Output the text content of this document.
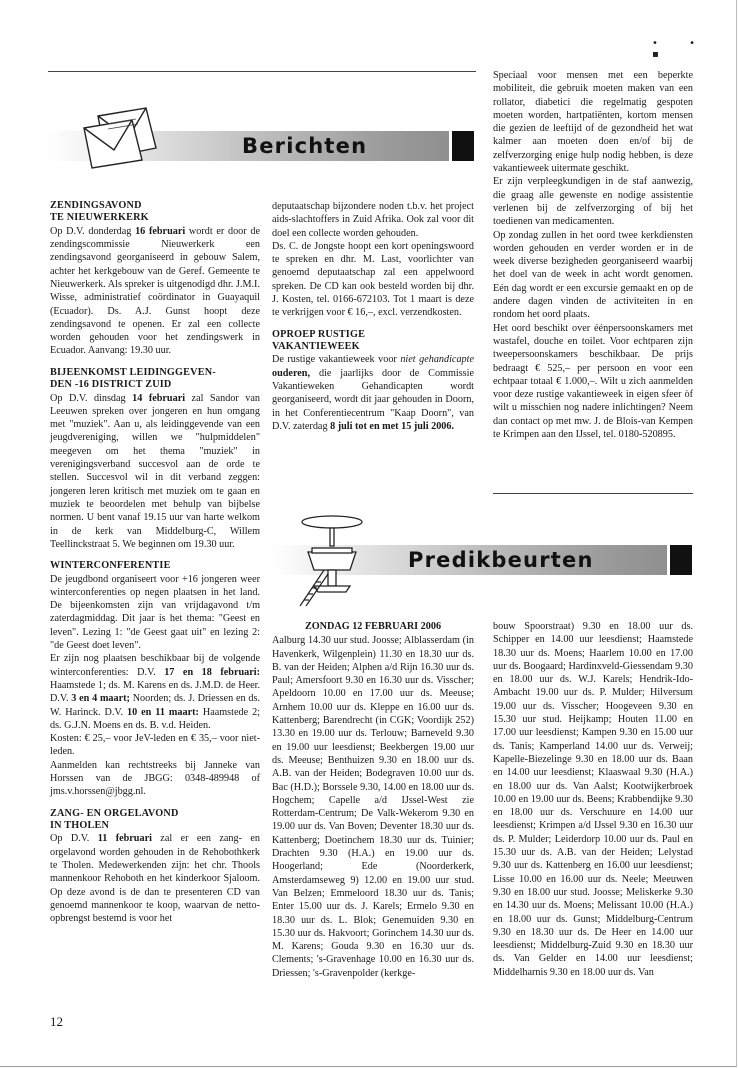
• • ▪
Berichten
ZENDINGSAVOND
TE NIEUWERKERK

Op D.V. donderdag 16 februari wordt er door de zendingscommissie Nieuwerkerk een zendingsavond georganiseerd in gebouw Salem, achter het kerkgebouw van de Geref. Gemeente te Nieuwerkerk. Als spreker is uitgenodigd dhr. J.M.I. Wisse, administratief coördinator in Guayaquil (Ecuador). Ds. A.J. Gunst hoopt deze zendingsavond te openen. Er zal een collecte worden gehouden voor het zendingswerk in Ecuador. Aanvang: 19.30 uur.

BIJEENKOMST LEIDINGGEVEN-
DEN -16 DISTRICT ZUID

Op D.V. dinsdag 14 februari zal Sandor van Leeuwen spreken over jongeren en hun omgang met "muziek". Aan u, als leidinggevende van een jeugdvereniging, willen we "hulpmiddelen" meegeven om het thema "muziek" in verenigingsverband succesvol aan de orde te stellen. Succesvol wil in dit verband zeggen: jongeren leren kritisch met muziek om te gaan en muziek te beoordelen met behulp van bijbelse normen. U bent vanaf 19.15 uur van harte welkom in de kerk van Middelburg-C, Willem Teellinckstraat 5. We beginnen om 19.30 uur.

WINTERCONFERENTIE

De jeugdbond organiseert voor +16 jongeren weer winterconferenties op negen plaatsen in het land. De bijeenkomsten zijn van vrijdagavond t/m zaterdagmiddag. Dit jaar is het thema: "Geest en leven". Lezing 1: "de Geest gaat uit" en lezing 2: "de Geest doet leven".

Er zijn nog plaatsen beschikbaar bij de volgende winterconferenties: D.V. 17 en 18 februari: Haamstede 1; ds. M. Karens en ds. J.M.D. de Heer. D.V. 3 en 4 maart; Noorden; ds. J. Driessen en ds. W. Harinck. D.V. 10 en 11 maart: Haamstede 2; ds. G.J.N. Moens en ds. B. v.d. Heiden.

Kosten: € 25,– voor JeV-leden en € 35,– voor niet-leden.

Aanmelden kan rechtstreeks bij Janneke van Horssen van de JBGG: 0348-489948 of jms.v.horssen@jbgg.nl.

ZANG- EN ORGELAVOND
IN THOLEN

Op D.V. 11 februari zal er een zang- en orgelavond worden gehouden in de Rehobothkerk te Tholen. Medewerkenden zijn: het chr. Thools mannenkoor Rehoboth en het kinderkoor Sjaloom. Op deze avond is de dan te presenteren CD van genoemd mannenkoor te koop, waarvan de netto-opbrengst bestemd is voor het

deputaatschap bijzondere noden t.b.v. het project aids-slachtoffers in Zuid Afrika. Ook zal voor dit doel een collecte worden gehouden.

Ds. C. de Jongste hoopt een kort openingswoord te spreken en dhr. M. Last, voorlichter van genoemd deputaatschap zal een appelwoord spreken. De CD kan ook besteld worden bij dhr. J. Kosten, tel. 0166-672103. Tot 1 maart is deze te verkrijgen voor € 16,–, excl. verzendkosten.

OPROEP RUSTIGE
VAKANTIEWEEK

De rustige vakantieweek voor niet gehandicapte ouderen, die jaarlijks door de Commissie Vakantieweken Gehandicapten wordt georganiseerd, wordt dit jaar gehouden in Doorn, in het Conferentiecentrum "Kaap Doorn", van D.V. zaterdag 8 juli tot en met 15 juli 2006.

Speciaal voor mensen met een beperkte mobiliteit, die gebruik moeten maken van een rollator, diabetici die regelmatig gespoten moeten worden, hartpatiënten, kortom mensen die gezien de leeftijd of de gezondheid het wat kalmer aan moeten doen en/of bij de zelfverzorging enige hulp nodig hebben, is deze vakantieweek uitermate geschikt.

Er zijn verpleegkundigen in de staf aanwezig, die graag alle gewenste en nodige assistentie verlenen bij de zelfverzorging of bij het toedienen van medicamenten.

Op zondag zullen in het oord twee kerkdiensten worden gehouden en verder worden er in de week diverse bezigheden georganiseerd waarbij het doel van de week in acht wordt genomen. Eén dag wordt er een excursie gemaakt en op de andere dagen vinden de activiteiten in en rondom het oord plaats.

Het oord beschikt over éénpersoonskamers met wastafel, douche en toilet. Voor echtparen zijn tweepersoonskamers beschikbaar. De prijs bedraagt € 525,– per persoon en voor een echtpaar totaal € 1.000,–. Wilt u zich aanmelden voor deze rustige vakantieweek in eigen sfeer òf wilt u misschien nog nadere inlichtingen? Neem dan contact op met mw. J. de Blois-van Kempen te Krimpen aan den IJssel, tel. 0180-520895.

Predikbeurten
ZONDAG 12 FEBRUARI 2006

Aalburg 14.30 uur stud. Joosse; Alblasserdam (in Havenkerk, Wilgenplein) 11.30 en 18.30 uur ds. B. van der Heiden; Alphen a/d Rijn 16.30 uur ds. Paul; Amersfoort 9.30 en 16.30 uur ds. Visscher; Apeldoorn 10.00 en 17.00 uur ds. Meeuse; Arnhem 10.00 uur ds. Kleppe en 16.00 uur ds. Kattenberg; Barendrecht (in CGK; Voordijk 252) 13.30 en 19.00 uur ds. Terlouw; Barneveld 9.30 en 19.00 uur leesdienst; Beekbergen 19.00 uur ds. Meeuse; Benthuizen 9.30 en 18.00 uur ds. A.B. van der Heiden; Bodegraven 10.00 uur ds. Bac (H.D.); Borssele 9.30, 14.00 en 18.00 uur ds. Hogchem; Capelle a/d IJssel-West zie Rotterdam-Centrum; De Valk-Wekerom 9.30 en 19.00 uur ds. Van Boven; Deventer 18.30 uur ds. Kattenberg; Doetinchem 18.30 uur ds. Tuinier; Drachten 9.30 (H.A.) en 19.00 uur ds. Hoogerland; Ede (Noorderkerk, Amsterdamseweg 9) 12.00 en 19.00 uur stud. Van Belzen; Emmeloord 18.30 uur ds. Tanis; Enter 15.00 uur ds. J. Karels; Ermelo 9.30 en 18.30 uur ds. L. Blok; Genemuiden 9.30 en 15.30 uur ds. Hakvoort; Gorinchem 14.30 uur ds. M. Karens; Gouda 9.30 en 16.30 uur ds. Clements; 's-Gravenhage 10.00 en 16.30 uur ds. Driessen; 's-Gravenpolder (kerkge-

bouw Spoorstraat) 9.30 en 18.00 uur ds. Schipper en 14.00 uur leesdienst; Haamstede 18.30 uur ds. Moens; Haarlem 10.00 en 17.00 uur ds. Boogaard; Hardinxveld-Giessendam 9.30 en 18.00 uur ds. W.J. Karels; Hendrik-Ido-Ambacht 19.00 uur ds. P. Mulder; Hilversum 19.00 uur ds. Visscher; Hoogeveen 9.30 en 15.30 uur stud. Heijkamp; Houten 11.00 en 17.00 uur leesdienst; Kampen 9.30 en 15.00 uur ds. Tanis; Kamperland 14.00 uur ds. Verweij; Kapelle-Biezelinge 9.30 en 18.00 uur ds. Baan en 14.00 uur leesdienst; Klaaswaal 9.30 (H.A.) en 18.00 uur ds. Van Aalst; Kootwijkerbroek 10.00 en 19.00 uur ds. Beens; Krabbendijke 9.30 en 18.00 uur ds. Verschuure en 14.00 uur leesdienst; Krimpen a/d IJssel 9.30 en 16.30 uur ds. P. Mulder; Leiderdorp 10.00 uur ds. Paul en 15.30 uur ds. A.B. van der Heiden; Lelystad 9.30 uur ds. Kattenberg en 16.00 uur leesdienst; Lisse 10.00 en 16.00 uur ds. Neele; Meeuwen 9.30 en 18.00 uur stud. Joosse; Meliskerke 9.30 en 14.30 uur ds. Moens; Melissant 10.00 (H.A.) en 18.00 uur ds. Gunst; Middelburg-Centrum 9.30 en 18.30 uur ds. De Heer en 14.00 uur leesdienst; Middelburg-Zuid 9.30 en 18.30 uur ds. Van Gelder en 14.00 uur leesdienst; Middelharnis 9.30 en 18.00 uur ds. Van

12
